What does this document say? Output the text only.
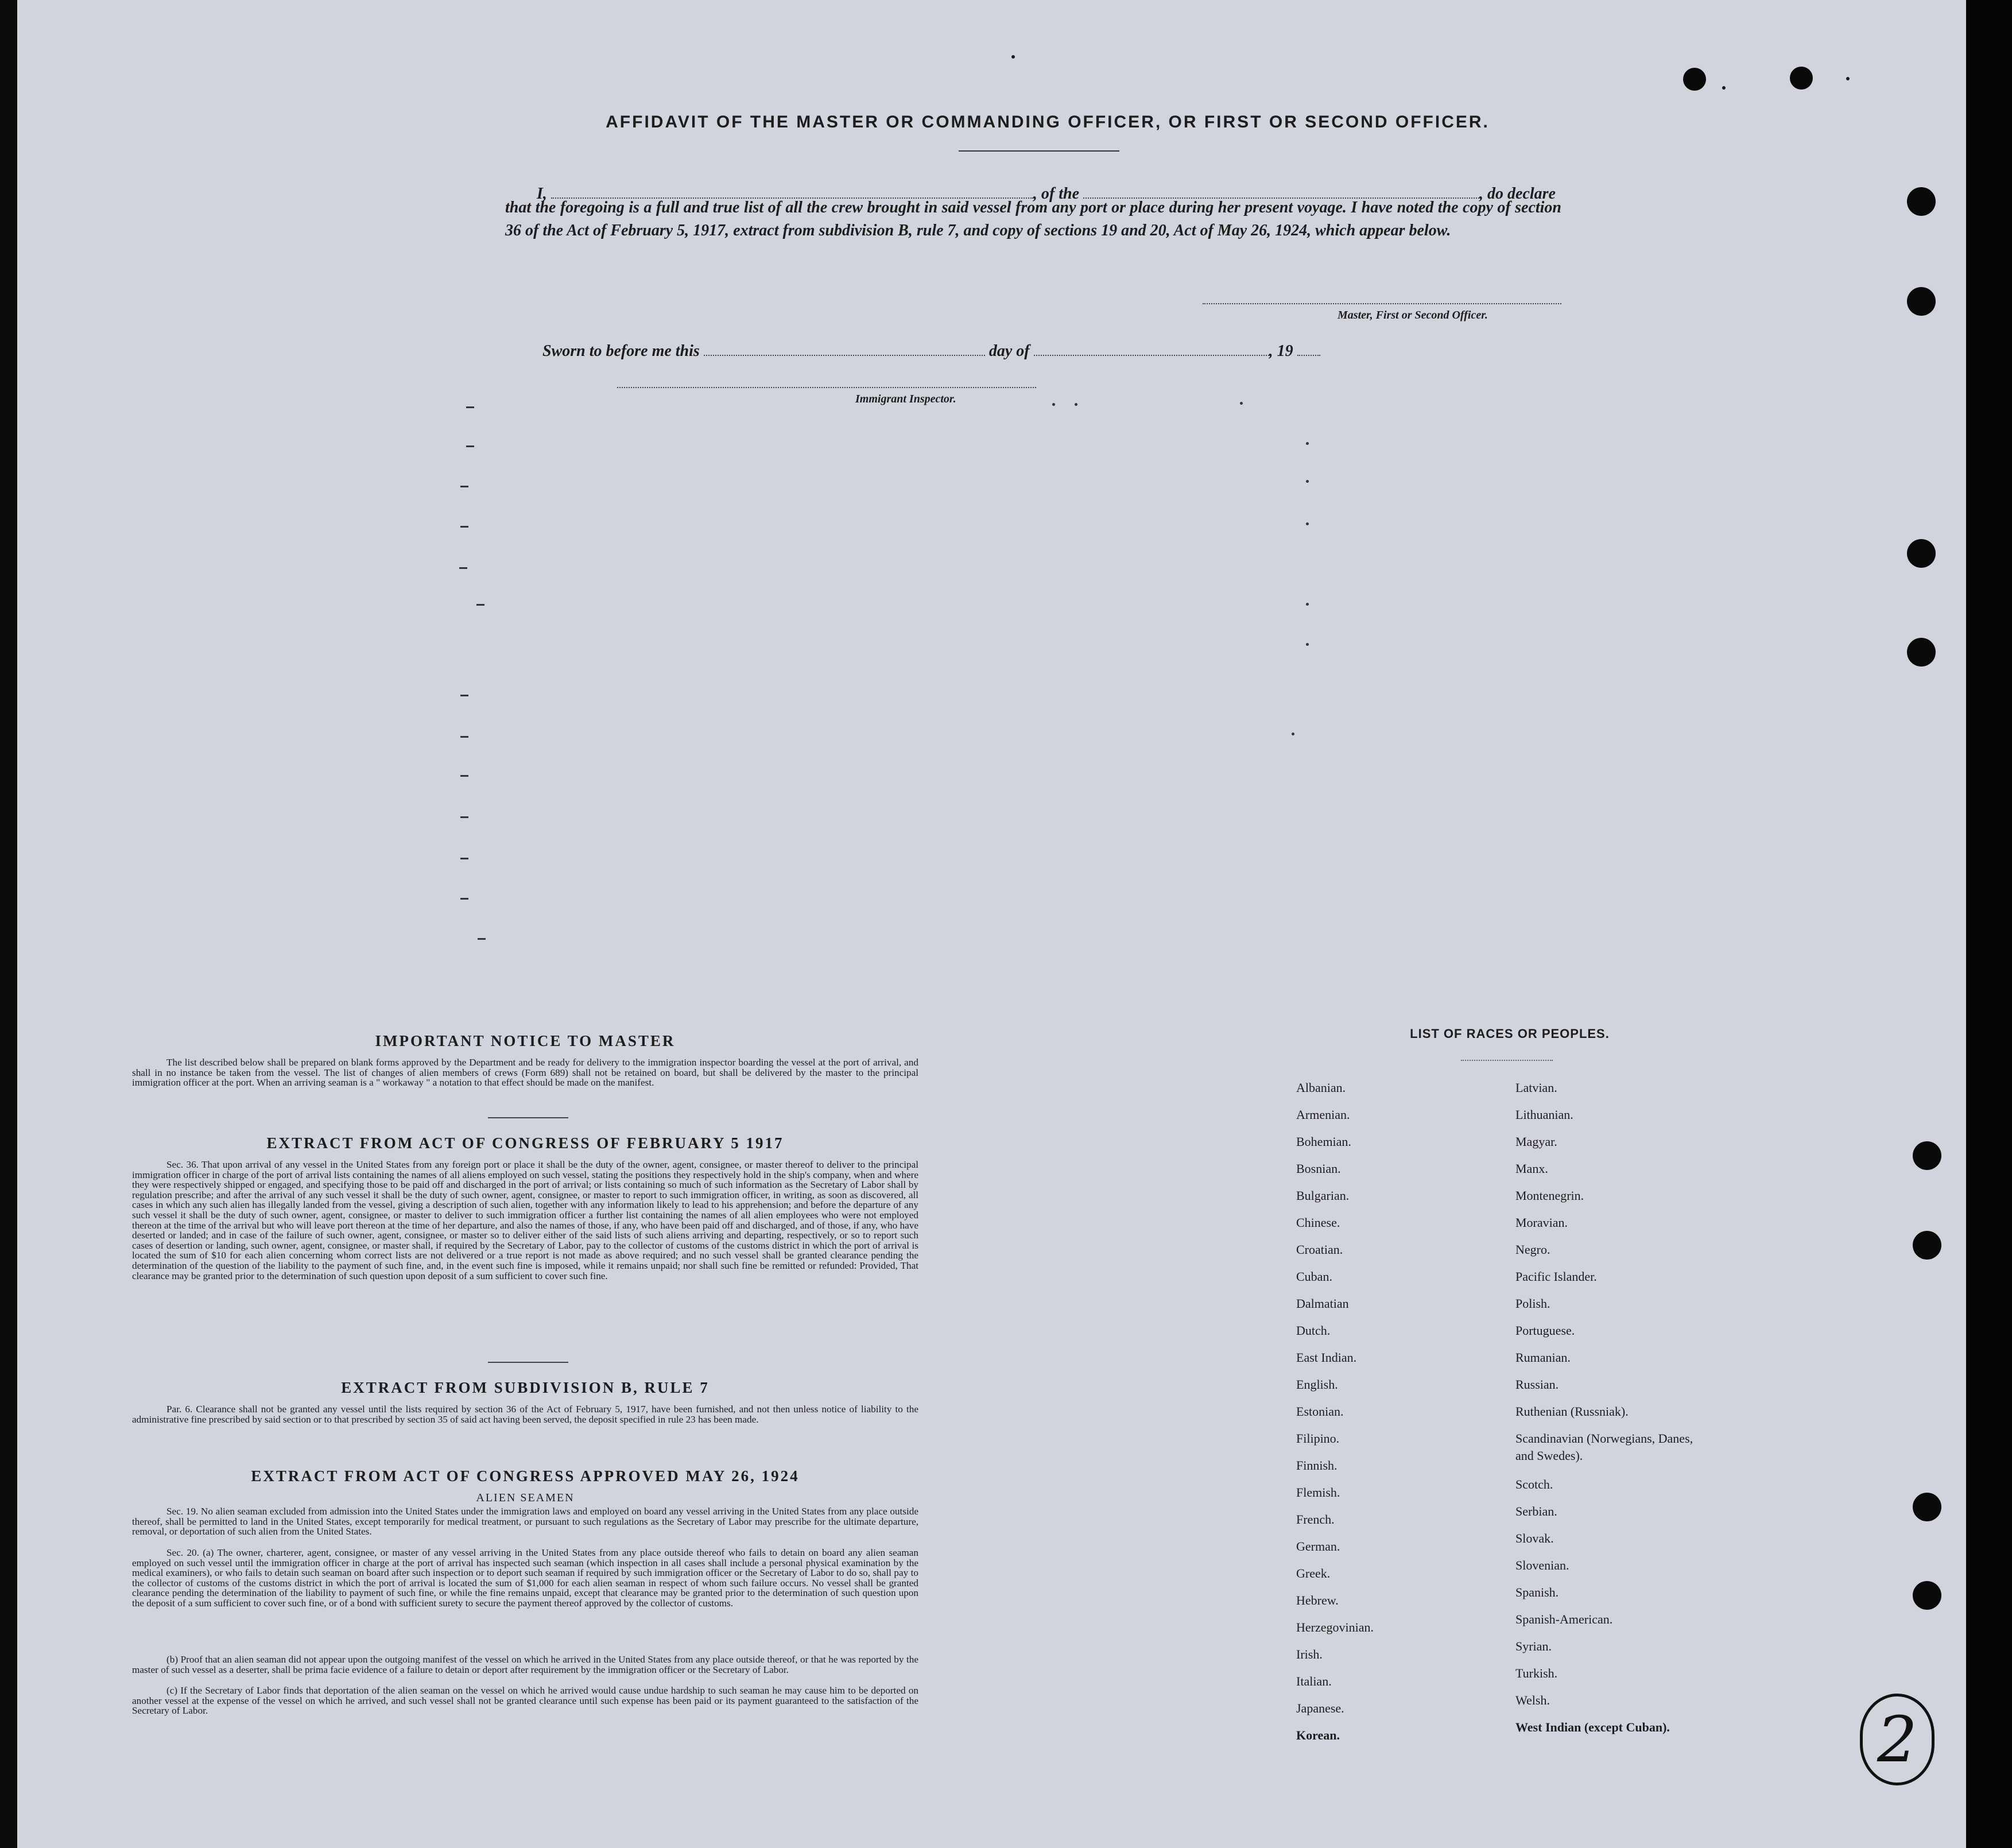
AFFIDAVIT OF THE MASTER OR COMMANDING OFFICER, OR FIRST OR SECOND OFFICER.
I,	, of the	, do declare
that the foregoing is a full and true list of all the crew brought in said vessel from any port or place during her present voyage. I have noted the copy of section 36 of the Act of February 5, 1917, extract from subdivision B, rule 7, and copy of sections 19 and 20, Act of May 26, 1924, which appear below.
Master, First or Second Officer.
Sworn to before me this	day of	, 19
Immigrant Inspector.
IMPORTANT NOTICE TO MASTER
The list described below shall be prepared on blank forms approved by the Department and be ready for delivery to the immigration inspector boarding the vessel at the port of arrival, and shall in no instance be taken from the vessel. The list of changes of alien members of crews (Form 689) shall not be retained on board, but shall be delivered by the master to the principal immigration officer at the port. When an arriving seaman is a " workaway " a notation to that effect should be made on the manifest.
EXTRACT FROM ACT OF CONGRESS OF FEBRUARY 5 1917
Sec. 36. That upon arrival of any vessel in the United States from any foreign port or place it shall be the duty of the owner, agent, consignee, or master thereof to deliver to the principal immigration officer in charge of the port of arrival lists containing the names of all aliens employed on such vessel, stating the positions they respectively hold in the ship's company, when and where they were respectively shipped or engaged, and specifying those to be paid off and discharged in the port of arrival; or lists containing so much of such information as the Secretary of Labor shall by regulation prescribe; and after the arrival of any such vessel it shall be the duty of such owner, agent, consignee, or master to report to such immigration officer, in writing, as soon as discovered, all cases in which any such alien has illegally landed from the vessel, giving a description of such alien, together with any information likely to lead to his apprehension; and before the departure of any such vessel it shall be the duty of such owner, agent, consignee, or master to deliver to such immigration officer a further list containing the names of all alien employees who were not employed thereon at the time of the arrival but who will leave port thereon at the time of her departure, and also the names of those, if any, who have been paid off and discharged, and of those, if any, who have deserted or landed; and in case of the failure of such owner, agent, consignee, or master so to deliver either of the said lists of such aliens arriving and departing, respectively, or so to report such cases of desertion or landing, such owner, agent, consignee, or master shall, if required by the Secretary of Labor, pay to the collector of customs of the customs district in which the port of arrival is located the sum of $10 for each alien concerning whom correct lists are not delivered or a true report is not made as above required; and no such vessel shall be granted clearance pending the determination of the question of the liability to the payment of such fine, and, in the event such fine is imposed, while it remains unpaid; nor shall such fine be remitted or refunded: Provided, That clearance may be granted prior to the determination of such question upon deposit of a sum sufficient to cover such fine.
EXTRACT FROM SUBDIVISION B, RULE 7
Par. 6. Clearance shall not be granted any vessel until the lists required by section 36 of the Act of February 5, 1917, have been furnished, and not then unless notice of liability to the administrative fine prescribed by said section or to that prescribed by section 35 of said act having been served, the deposit specified in rule 23 has been made.
EXTRACT FROM ACT OF CONGRESS APPROVED MAY 26, 1924
ALIEN SEAMEN
Sec. 19. No alien seaman excluded from admission into the United States under the immigration laws and employed on board any vessel arriving in the United States from any place outside thereof, shall be permitted to land in the United States, except temporarily for medical treatment, or pursuant to such regulations as the Secretary of Labor may prescribe for the ultimate departure, removal, or deportation of such alien from the United States.
Sec. 20. (a) The owner, charterer, agent, consignee, or master of any vessel arriving in the United States from any place outside thereof who fails to detain on board any alien seaman employed on such vessel until the immigration officer in charge at the port of arrival has inspected such seaman (which inspection in all cases shall include a personal physical examination by the medical examiners), or who fails to detain such seaman on board after such inspection or to deport such seaman if required by such immigration officer or the Secretary of Labor to do so, shall pay to the collector of customs of the customs district in which the port of arrival is located the sum of $1,000 for each alien seaman in respect of whom such failure occurs. No vessel shall be granted clearance pending the determination of the liability to payment of such fine, or while the fine remains unpaid, except that clearance may be granted prior to the determination of such question upon the deposit of a sum sufficient to cover such fine, or of a bond with sufficient surety to secure the payment thereof approved by the collector of customs.
(b) Proof that an alien seaman did not appear upon the outgoing manifest of the vessel on which he arrived in the United States from any place outside thereof, or that he was reported by the master of such vessel as a deserter, shall be prima facie evidence of a failure to detain or deport after requirement by the immigration officer or the Secretary of Labor.
(c) If the Secretary of Labor finds that deportation of the alien seaman on the vessel on which he arrived would cause undue hardship to such seaman he may cause him to be deported on another vessel at the expense of the vessel on which he arrived, and such vessel shall not be granted clearance until such expense has been paid or its payment guaranteed to the satisfaction of the Secretary of Labor.
LIST OF RACES OR PEOPLES.
Albanian.
Armenian.
Bohemian.
Bosnian.
Bulgarian.
Chinese.
Croatian.
Cuban.
Dalmatian
Dutch.
East Indian.
English.
Estonian.
Filipino.
Finnish.
Flemish.
French.
German.
Greek.
Hebrew.
Herzegovinian.
Irish.
Italian.
Japanese.
Korean.
Latvian.
Lithuanian.
Magyar.
Manx.
Montenegrin.
Moravian.
Negro.
Pacific Islander.
Polish.
Portuguese.
Rumanian.
Russian.
Ruthenian (Russniak).
Scandinavian (Norwegians, Danes, and Swedes).
Scotch.
Serbian.
Slovak.
Slovenian.
Spanish.
Spanish-American.
Syrian.
Turkish.
Welsh.
West Indian (except Cuban).	2
